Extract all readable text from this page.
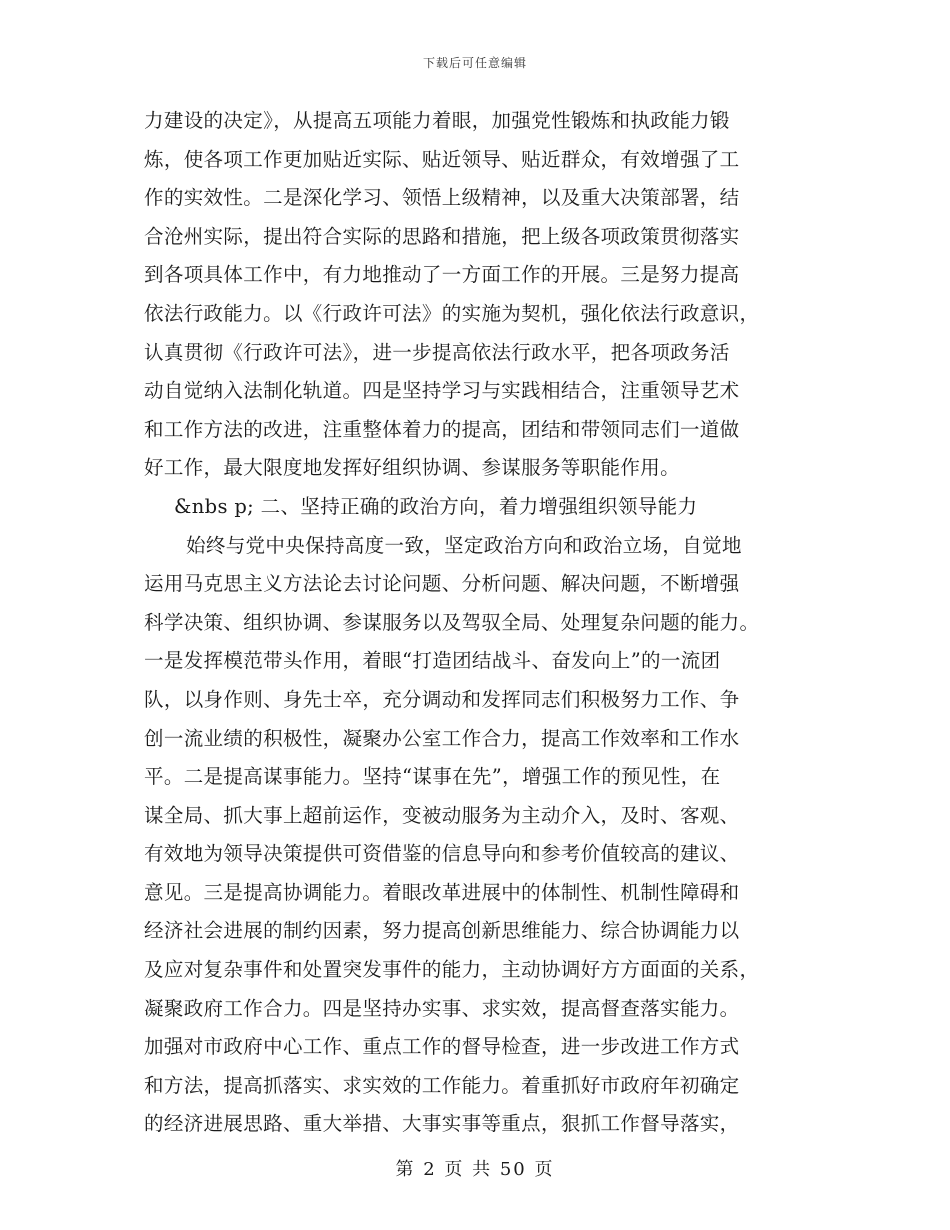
下载后可任意编辑
力建设的决定》，从提高五项能力着眼，加强党性锻炼和执政能力锻
炼，使各项工作更加贴近实际、贴近领导、贴近群众，有效增强了工
作的实效性。二是深化学习、领悟上级精神，以及重大决策部署，结
合沧州实际，提出符合实际的思路和措施，把上级各项政策贯彻落实
到各项具体工作中，有力地推动了一方面工作的开展。三是努力提高
依法行政能力。以《行政许可法》的实施为契机，强化依法行政意识，
认真贯彻《行政许可法》，进一步提高依法行政水平，把各项政务活
动自觉纳入法制化轨道。四是坚持学习与实践相结合，注重领导艺术
和工作方法的改进，注重整体着力的提高，团结和带领同志们一道做
好工作，最大限度地发挥好组织协调、参谋服务等职能作用。
&nbs p; 二、坚持正确的政治方向，着力增强组织领导能力
始终与党中央保持高度一致，坚定政治方向和政治立场，自觉地
运用马克思主义方法论去讨论问题、分析问题、解决问题，不断增强
科学决策、组织协调、参谋服务以及驾驭全局、处理复杂问题的能力。
一是发挥模范带头作用，着眼“打造团结战斗、奋发向上”的一流团
队，以身作则、身先士卒，充分调动和发挥同志们积极努力工作、争
创一流业绩的积极性，凝聚办公室工作合力，提高工作效率和工作水
平。二是提高谋事能力。坚持“谋事在先”，增强工作的预见性，在
谋全局、抓大事上超前运作，变被动服务为主动介入，及时、客观、
有效地为领导决策提供可资借鉴的信息导向和参考价值较高的建议、
意见。三是提高协调能力。着眼改革进展中的体制性、机制性障碍和
经济社会进展的制约因素，努力提高创新思维能力、综合协调能力以
及应对复杂事件和处置突发事件的能力，主动协调好方方面面的关系，
凝聚政府工作合力。四是坚持办实事、求实效，提高督查落实能力。
加强对市政府中心工作、重点工作的督导检查，进一步改进工作方式
和方法，提高抓落实、求实效的工作能力。着重抓好市政府年初确定
的经济进展思路、重大举措、大事实事等重点，狠抓工作督导落实，
第 2 页 共 50 页
